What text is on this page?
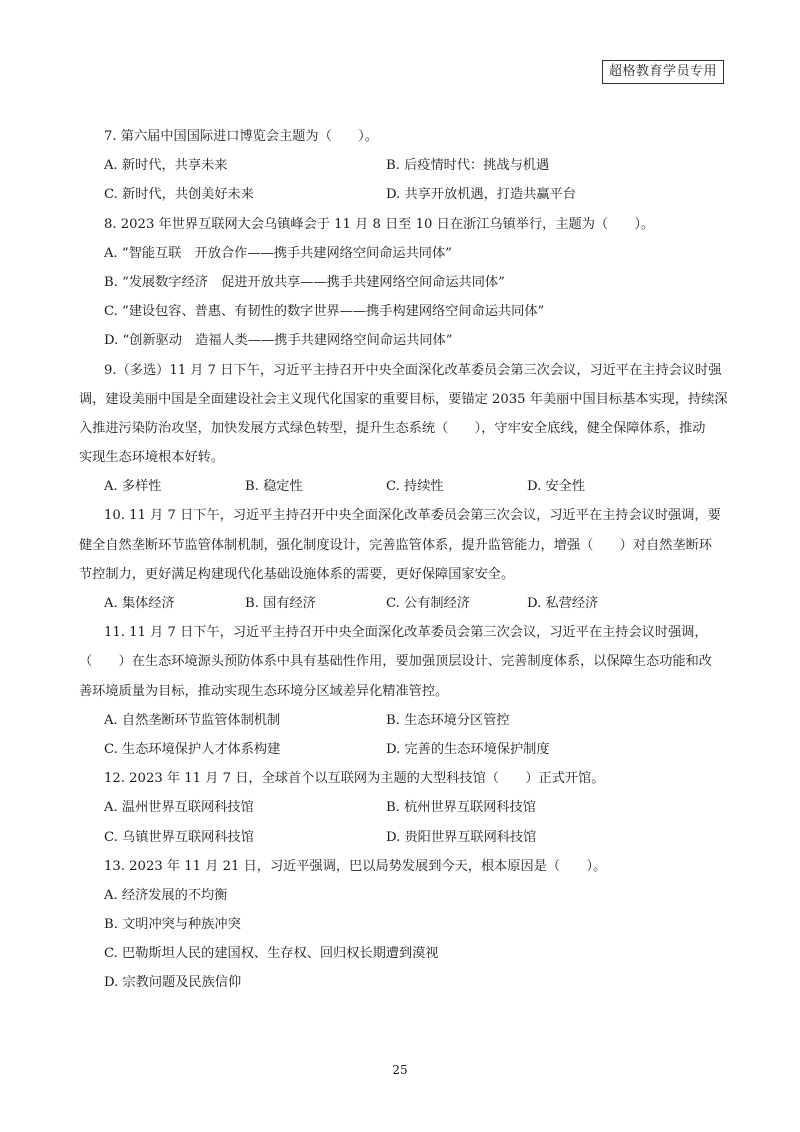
超格教育学员专用
7. 第六届中国国际进口博览会主题为（　　）。
A. 新时代，共享未来	B. 后疫情时代：挑战与机遇
C. 新时代，共创美好未来	D. 共享开放机遇，打造共赢平台
8. 2023 年世界互联网大会乌镇峰会于 11 月 8 日至 10 日在浙江乌镇举行，主题为（　　）。
A. “智能互联　开放合作——携手共建网络空间命运共同体”
B. “发展数字经济　促进开放共享——携手共建网络空间命运共同体”
C. “建设包容、普惠、有韧性的数字世界——携手构建网络空间命运共同体”
D. “创新驱动　造福人类——携手共建网络空间命运共同体”
9.（多选）11 月 7 日下午，习近平主持召开中央全面深化改革委员会第三次会议，习近平在主持会议时强
调，建设美丽中国是全面建设社会主义现代化国家的重要目标，要锚定 2035 年美丽中国目标基本实现，持续深
入推进污染防治攻坚，加快发展方式绿色转型，提升生态系统（　　），守牢安全底线，健全保障体系，推动
实现生态环境根本好转。
A. 多样性	B. 稳定性	C. 持续性	D. 安全性
10. 11 月 7 日下午，习近平主持召开中央全面深化改革委员会第三次会议，习近平在主持会议时强调，要
健全自然垄断环节监管体制机制，强化制度设计，完善监管体系，提升监管能力，增强（　　）对自然垄断环
节控制力，更好满足构建现代化基础设施体系的需要，更好保障国家安全。
A. 集体经济	B. 国有经济	C. 公有制经济	D. 私营经济
11. 11 月 7 日下午，习近平主持召开中央全面深化改革委员会第三次会议，习近平在主持会议时强调，
（　　）在生态环境源头预防体系中具有基础性作用，要加强顶层设计、完善制度体系，以保障生态功能和改
善环境质量为目标，推动实现生态环境分区域差异化精准管控。
A. 自然垄断环节监管体制机制	B. 生态环境分区管控
C. 生态环境保护人才体系构建	D. 完善的生态环境保护制度
12. 2023 年 11 月 7 日，全球首个以互联网为主题的大型科技馆（　　）正式开馆。
A. 温州世界互联网科技馆	B. 杭州世界互联网科技馆
C. 乌镇世界互联网科技馆	D. 贵阳世界互联网科技馆
13. 2023 年 11 月 21 日，习近平强调，巴以局势发展到今天，根本原因是（　　）。
A. 经济发展的不均衡
B. 文明冲突与种族冲突
C. 巴勒斯坦人民的建国权、生存权、回归权长期遭到漠视
D. 宗教问题及民族信仰
25
